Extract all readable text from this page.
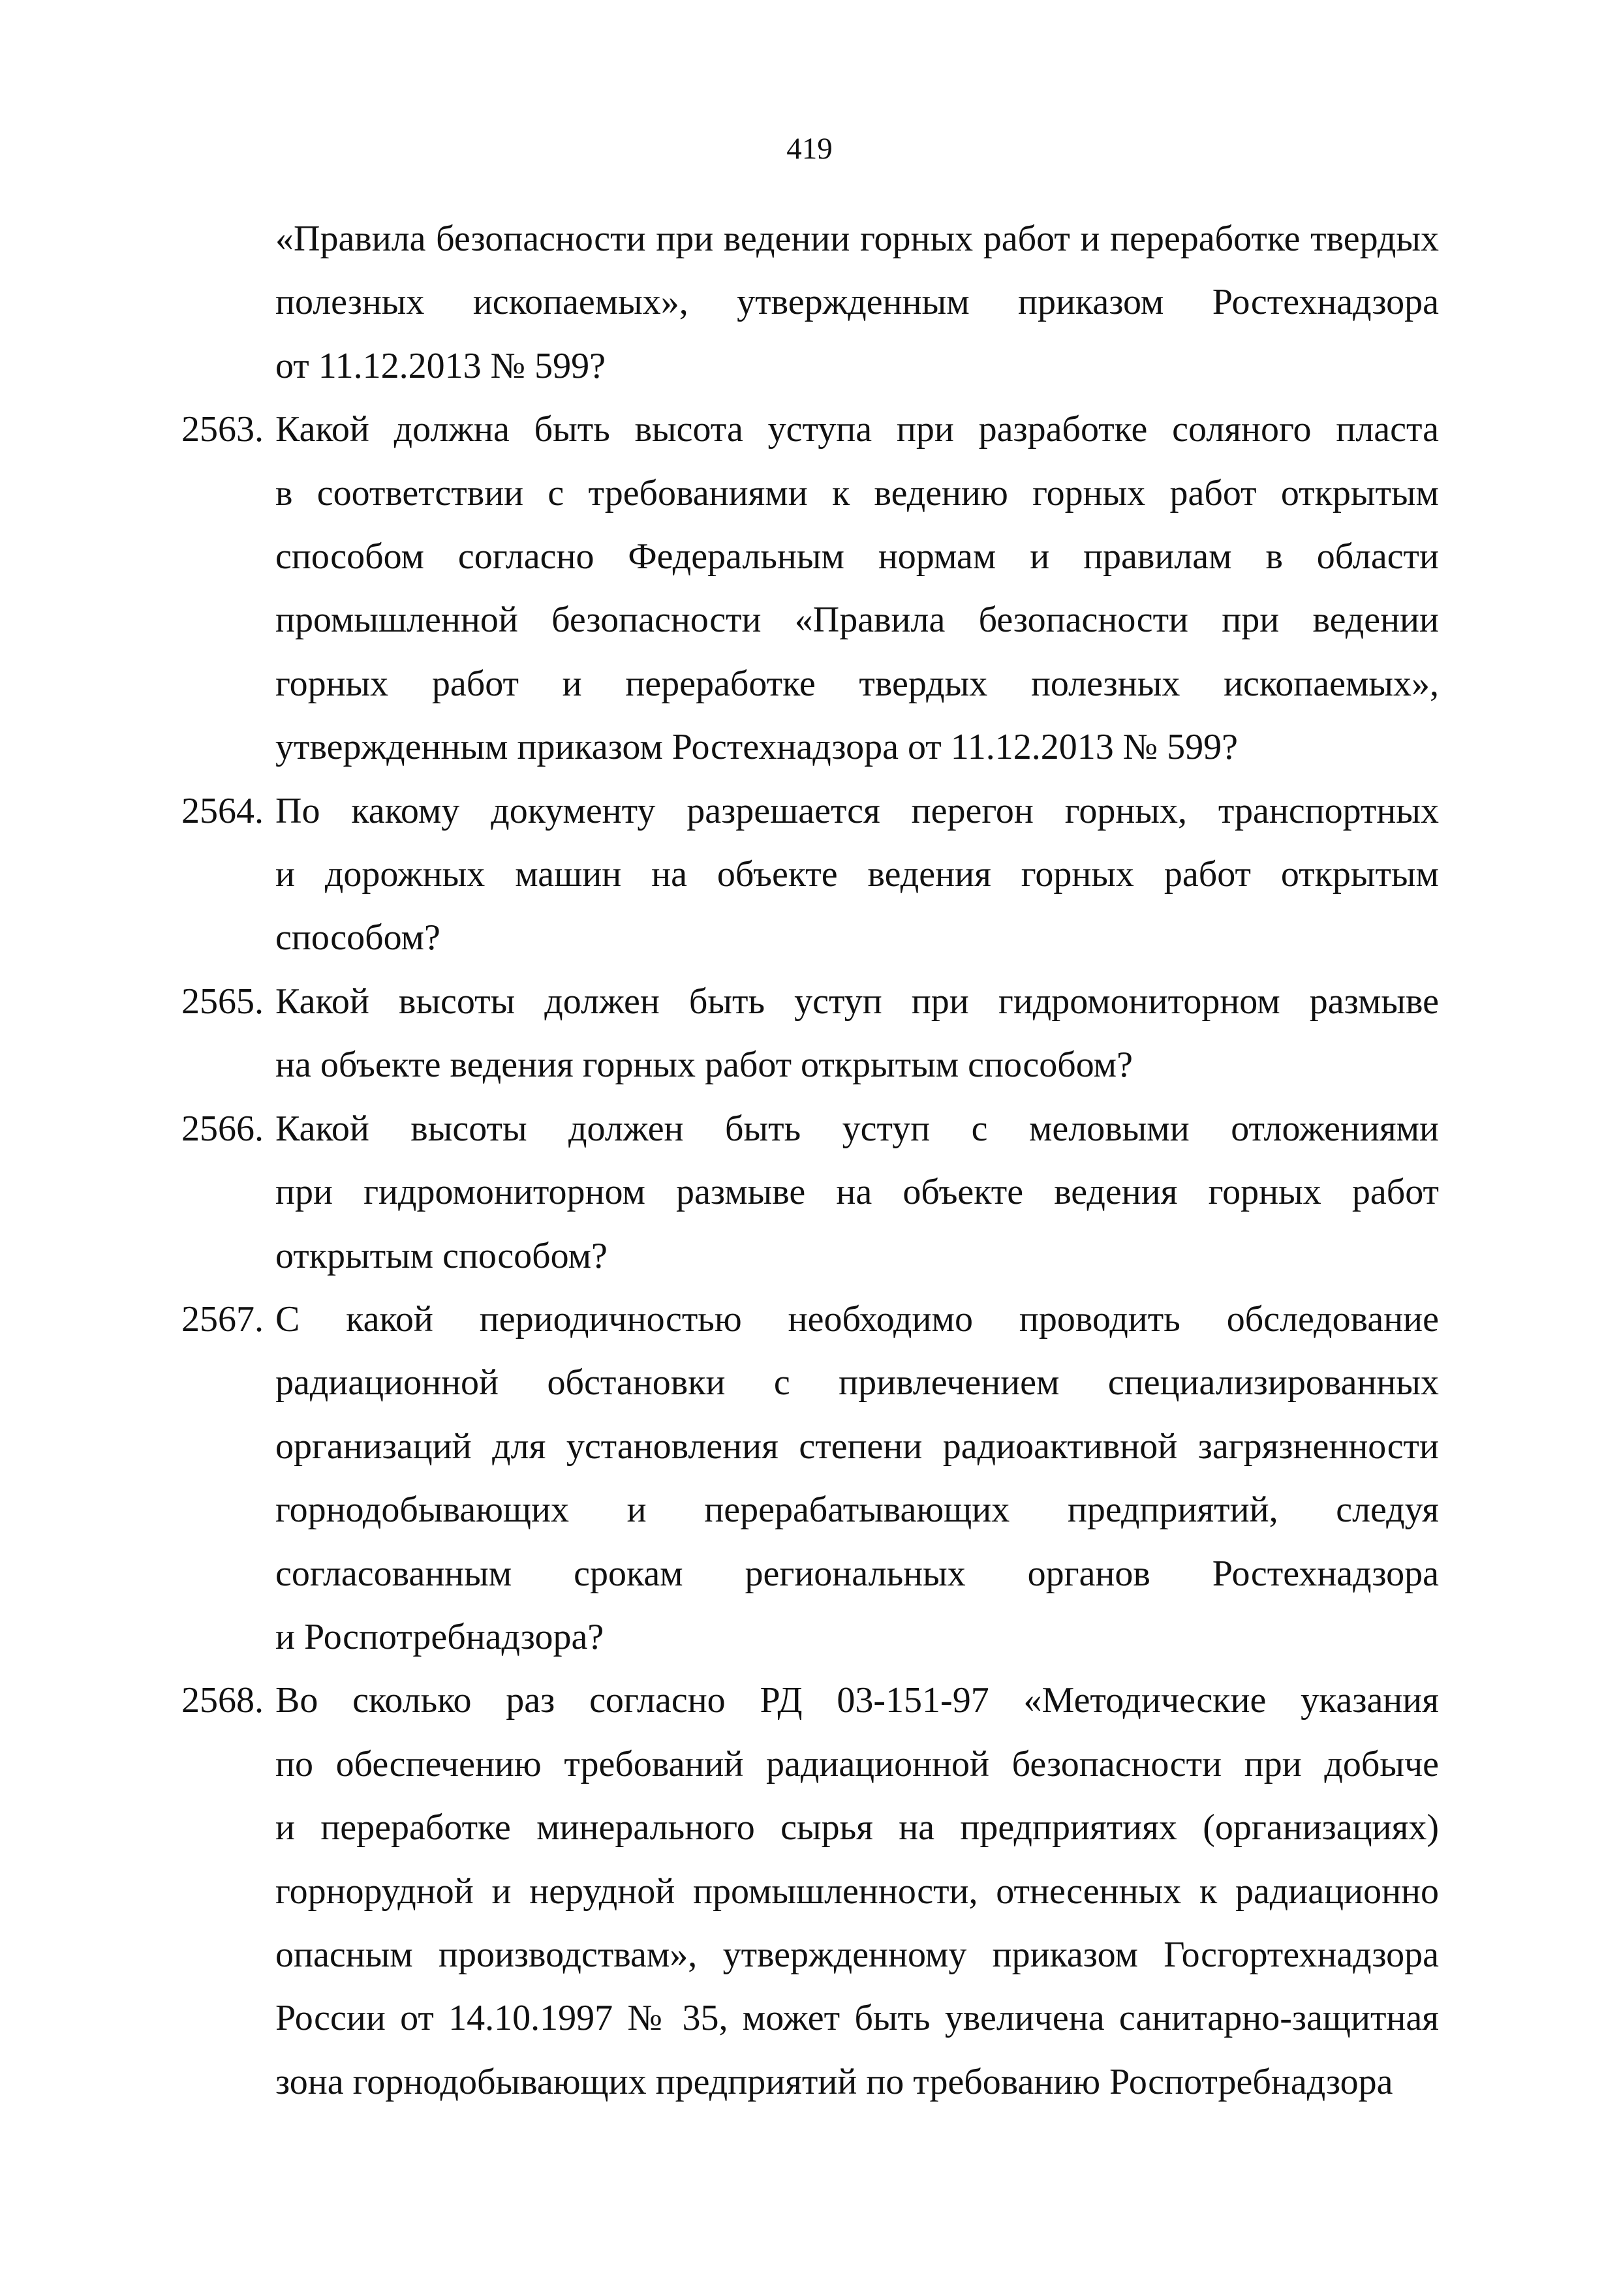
419
«Правила безопасности при ведении горных работ и переработке твердых
полезных ископаемых», утвержденным приказом Ростехнадзора
от 11.12.2013 № 599?
2563. Какой должна быть высота уступа при разработке соляного пласта
в соответствии с требованиями к ведению горных работ открытым
способом согласно Федеральным нормам и правилам в области
промышленной безопасности «Правила безопасности при ведении
горных работ и переработке твердых полезных ископаемых»,
утвержденным приказом Ростехнадзора от 11.12.2013 № 599?
2564. По какому документу разрешается перегон горных, транспортных
и дорожных машин на объекте ведения горных работ открытым
способом?
2565. Какой высоты должен быть уступ при гидромониторном размыве
на объекте ведения горных работ открытым способом?
2566. Какой высоты должен быть уступ с меловыми отложениями
при гидромониторном размыве на объекте ведения горных работ
открытым способом?
2567. С какой периодичностью необходимо проводить обследование
радиационной обстановки с привлечением специализированных
организаций для установления степени радиоактивной загрязненности
горнодобывающих и перерабатывающих предприятий, следуя
согласованным срокам региональных органов Ростехнадзора
и Роспотребнадзора?
2568. Во сколько раз согласно РД 03-151-97 «Методические указания
по обеспечению требований радиационной безопасности при добыче
и переработке минерального сырья на предприятиях (организациях)
горнорудной и нерудной промышленности, отнесенных к радиационно
опасным производствам», утвержденному приказом Госгортехнадзора
России от 14.10.1997 № 35, может быть увеличена санитарно-защитная
зона горнодобывающих предприятий по требованию Роспотребнадзора
